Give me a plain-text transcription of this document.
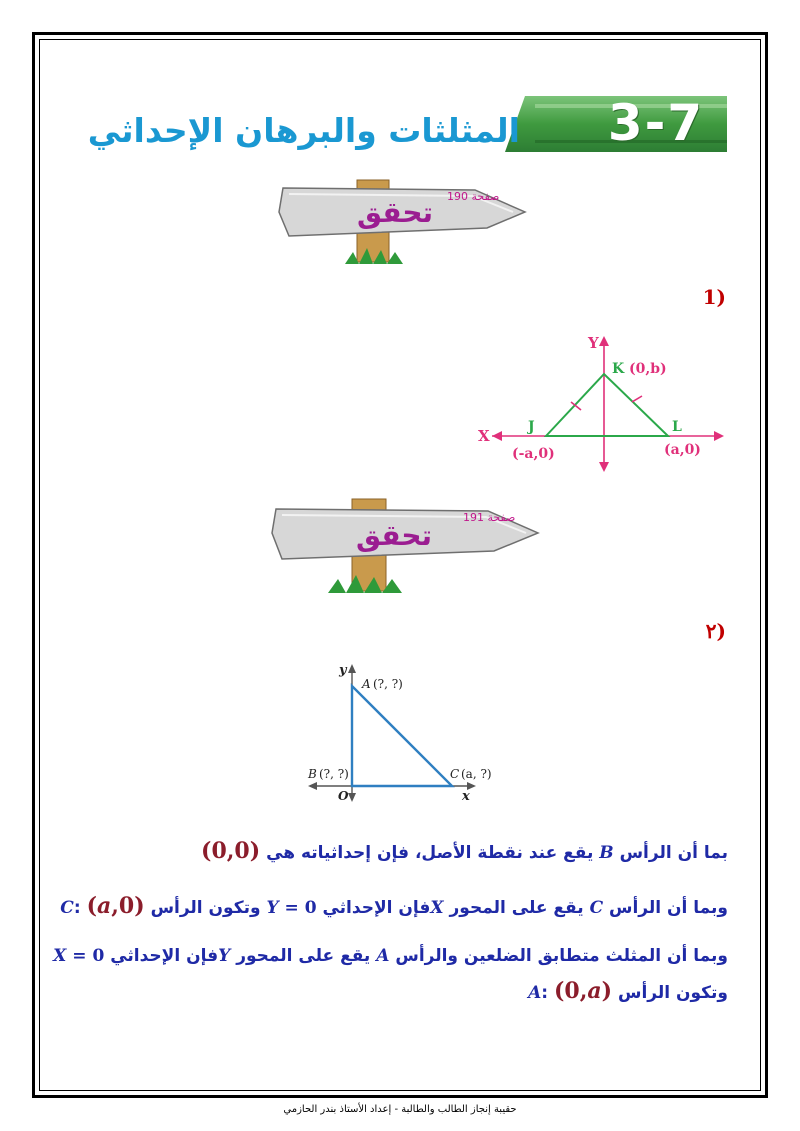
3-7
المثلثات والبرهان الإحداثي
تحقق	صفحة 190
(1
X
Y
K (0,b)
J
(-a,0)
L
(a,0)
تحقق
صفحة 191
(٢
y
x
O
A (?, ?)
B (?, ?)	C (a, ?)
بما أن الرأس B يقع عند نقطة الأصل، فإن إحداثياته هي (0,0)
وبما أن الرأس C يقع على المحور Xفإن الإحداثي Y = 0 وتكون الرأس C: (a,0)
وبما أن المثلث متطابق الضلعين والرأس A يقع على المحور Yفإن الإحداثي X = 0
وتكون الرأس A: (0,a)
حقيبة إنجاز الطالب والطالبة - إعداد الأستاذ بندر الحازمي
